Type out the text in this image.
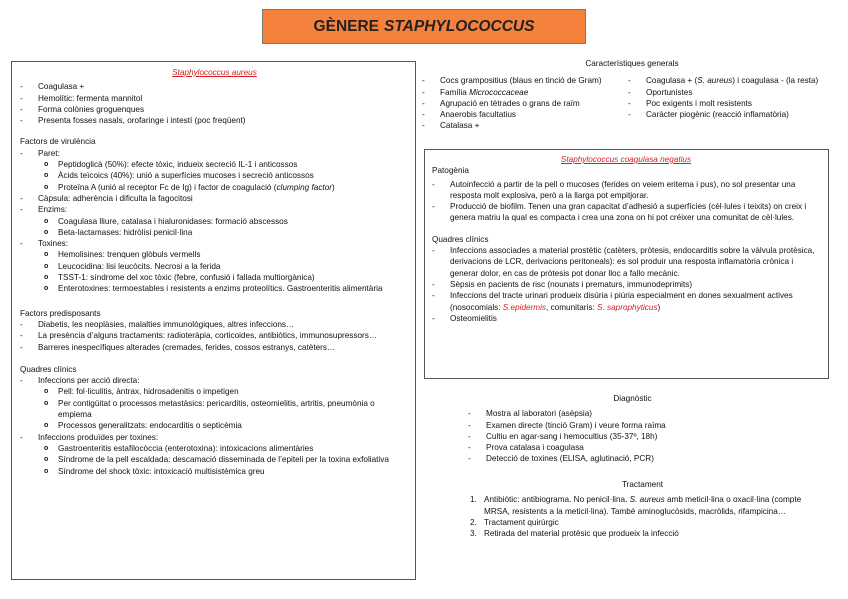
GÈNERE STAPHYLOCOCCUS
Staphylococcus aureus
- Coagulasa +
- Hemolític: fermenta mannitol
- Forma colònies groguenques
- Presenta fosses nasals, orofaringe i intestí (poc freqüent)
Factors de virulència
- Paret:
o Peptidoglicà (50%): efecte tòxic, indueix secreció IL-1 i anticossos
o Àcids teïcoics (40%): unió a superfícies mucoses i secreció anticossos
o Proteïna A (unió al receptor Fc de Ig) i factor de coagulació (clumping factor)
- Càpsula: adherència i dificulta la fagocitosi
- Enzims:
o Coagulasa lliure, catalasa i hialuronidases: formació abscessos
o Beta-lactamases: hidròlisi penicil·lina
- Toxines:
o Hemolisines: trenquen glòbuls vermells
o Leucocidina: lisi leucòcits. Necrosi a la ferida
o TSST-1: síndrome del xoc tòxic (febre, confusió i fallada multiorgànica)
o Enterotoxines: termoestables i resistents a enzims proteolítics. Gastroenteritis alimentària
Factors predisposants
- Diabetis, les neoplàsies, malalties immunològiques, altres infeccions…
- La presència d’alguns tractaments: radioteràpia, corticoides, antibiòtics, immunosupressors…
- Barreres inespecífiques alterades (cremades, ferides, cossos estranys, catèters…
Quadres clínics
- Infeccions per acció directa:
o Pell: fol·liculitis, àntrax, hidrosadenitis o impetigen
o Per contigüitat o processos metastàsics: pericarditis, osteomielitis, artritis, pneumònia o empiema
o Processos generalitzats: endocarditis o septicèmia
- Infeccions produïdes per toxines:
o Gastroenteritis estafilocòccia (enterotoxina): intoxicacions alimentàries
o Síndrome de la pell escaldada: descamació disseminada de l’epiteli per la toxina exfoliativa
o Síndrome del shock tòxic: intoxicació multisistèmica greu
Característiques generals
- Cocs grampositius (blaus en tinció de Gram)
- Família Micrococcaceae
- Agrupació en tètrades o grans de raïm
- Anaerobis facultatius
- Catalasa +
- Coagulasa + (S. aureus) i coagulasa - (la resta)
- Oportunistes
- Poc exigents i molt resistents
- Caràcter piogènic (reacció inflamatòria)
Staphylococcus coagulasa negatius
Patogènia
- Autoinfecció a partir de la pell o mucoses (ferides on veiem eritema i pus), no sol presentar una resposta molt explosiva, però a la llarga pot empitjorar.
- Producció de biofilm. Tenen una gran capacitat d’adhesió a superfícies (cèl·lules i teixits) on creix i genera matriu la qual es compacta i crea una zona on hi pot créixer una comunitat de cèl·lules.
Quadres clínics
- Infeccions associades a material prostètic (catèters, pròtesis, endocarditis sobre la vàlvula protèsica, derivacions de LCR, derivacions peritoneals): es sol produir una resposta inflamatòria crònica i generar dolor, en cas de pròtesis pot donar lloc a fallo mecànic.
- Sèpsis en pacients de risc (nounats i prematurs, immunodeprimits)
- Infeccions del tracte urinari produeix disúria i piúria especialment en dones sexualment actives (nosocomials: S.epidermis, comunitaris: S. saprophyticus)
- Osteomielitis
Diagnòstic
- Mostra al laboratori (asèpsia)
- Examen directe (tinció Gram) i veure forma raïma
- Cultiu en agar-sang i hemocultius (35-37º, 18h)
- Prova catalasa i coagulasa
- Detecció de toxines (ELISA, aglutinació, PCR)
Tractament
1. Antibiòtic: antibiograma. No penicil·lina. S. aureus amb meticil·lina o oxacil·lina (compte MRSA, resistents a la meticil·lina). També aminoglucòsids, macròlids, rifampicina…
2. Tractament quirúrgic
3. Retirada del material protèsic que produeix la infecció
